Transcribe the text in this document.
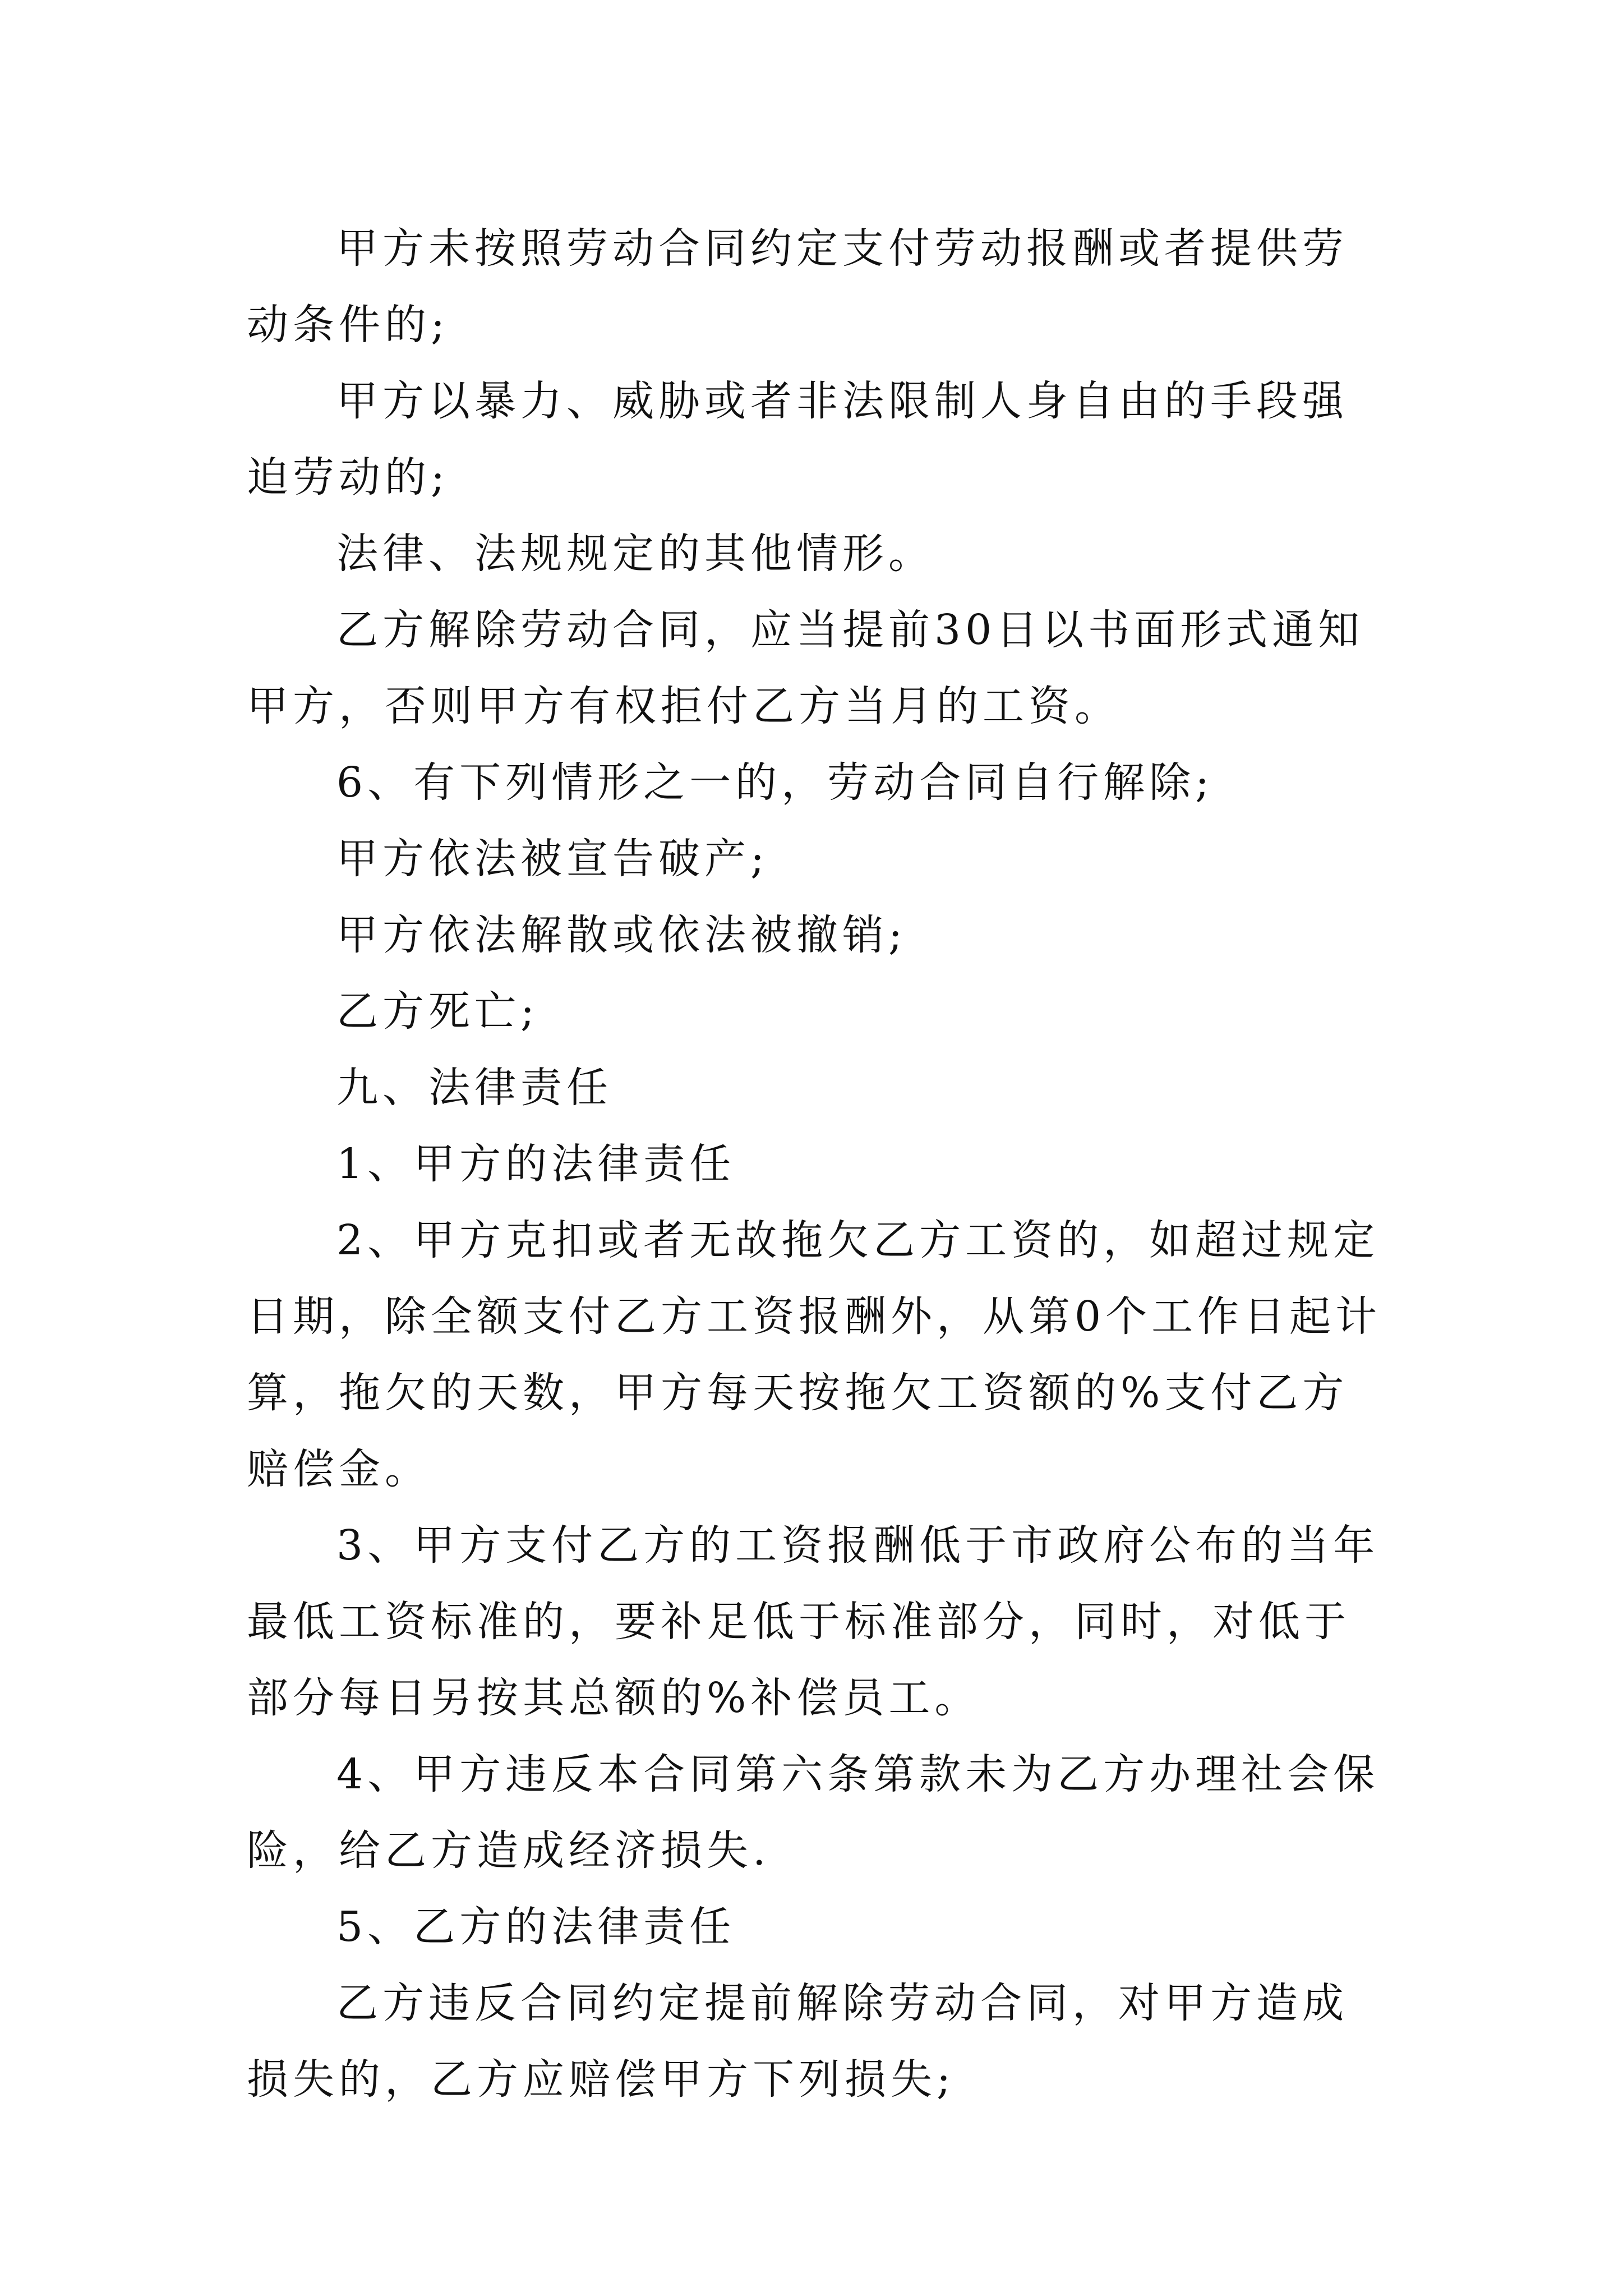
甲方未按照劳动合同约定支付劳动报酬或者提供劳动条件的;

甲方以暴力、威胁或者非法限制人身自由的手段强迫劳动的;

法律、法规规定的其他情形。

乙方解除劳动合同，应当提前30日以书面形式通知甲方，否则甲方有权拒付乙方当月的工资。

6、有下列情形之一的，劳动合同自行解除;

甲方依法被宣告破产;

甲方依法解散或依法被撤销;

乙方死亡;

九、法律责任

1、甲方的法律责任

2、甲方克扣或者无故拖欠乙方工资的，如超过规定日期，除全额支付乙方工资报酬外，从第0个工作日起计算，拖欠的天数，甲方每天按拖欠工资额的%支付乙方赔偿金。

3、甲方支付乙方的工资报酬低于市政府公布的当年最低工资标准的，要补足低于标准部分，同时，对低于部分每日另按其总额的%补偿员工。

4、甲方违反本合同第六条第款未为乙方办理社会保险，给乙方造成经济损失.

5、乙方的法律责任

乙方违反合同约定提前解除劳动合同，对甲方造成损失的，乙方应赔偿甲方下列损失;
